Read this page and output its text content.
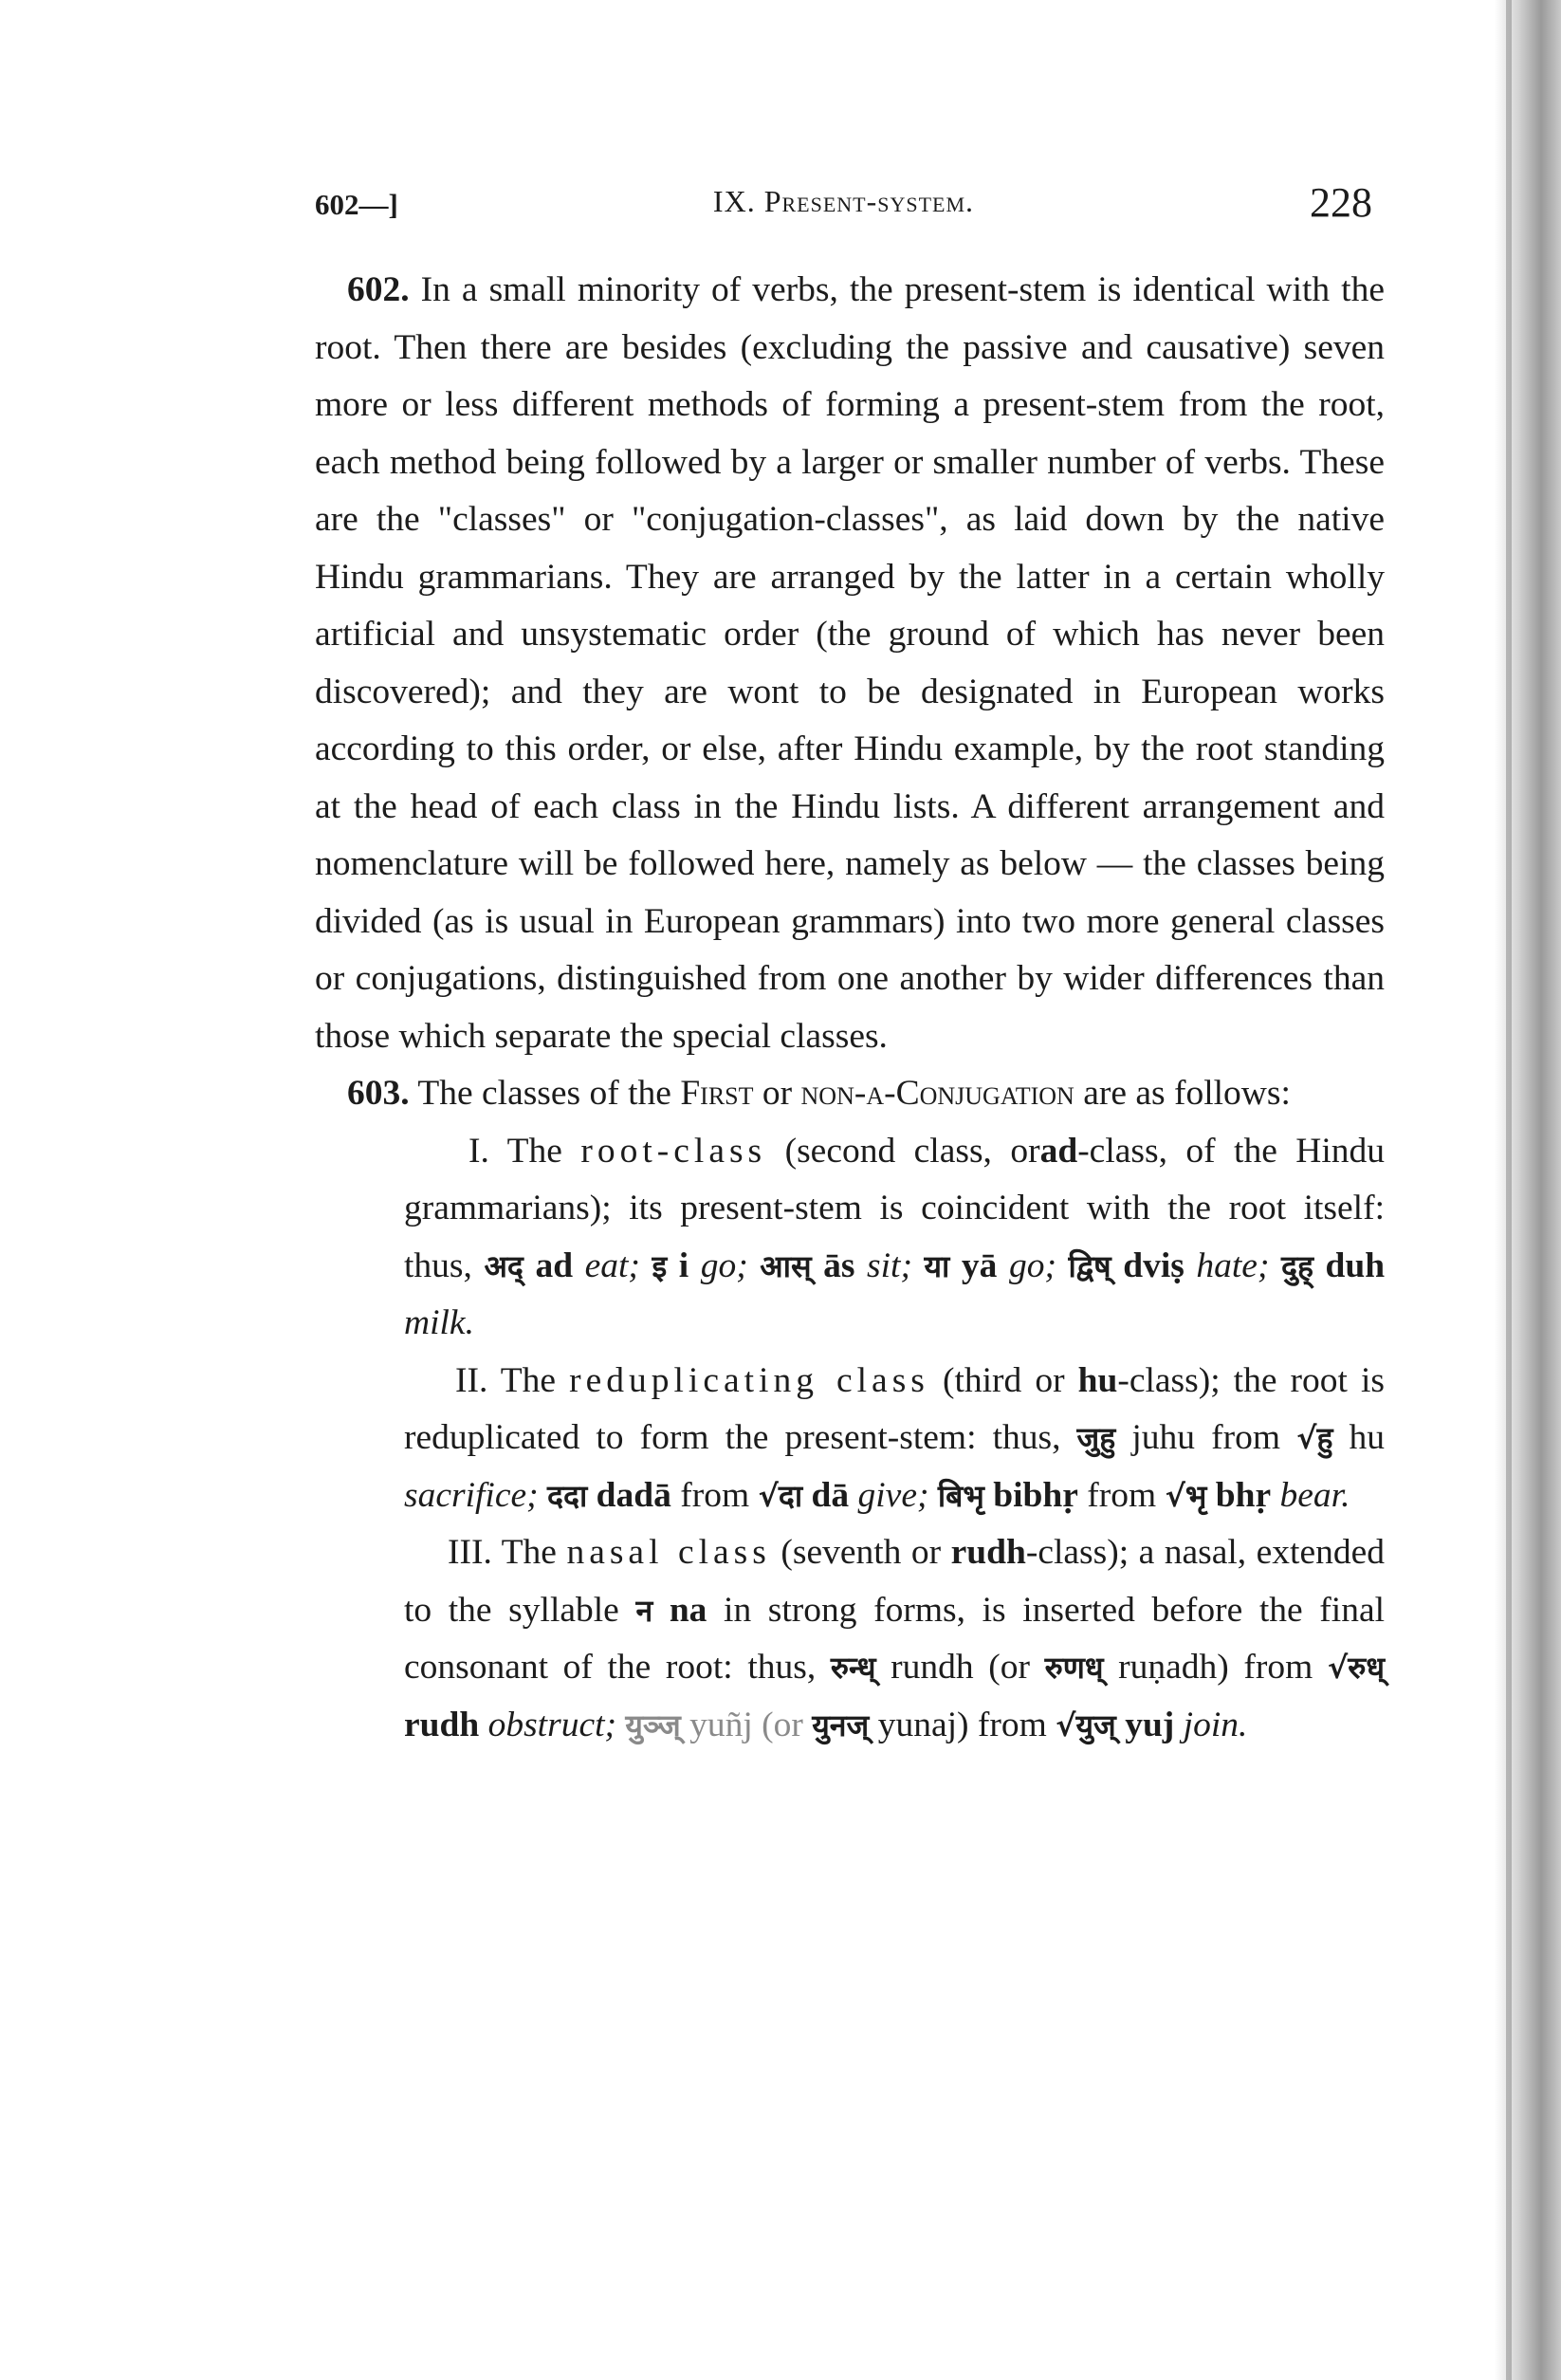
602—]	IX. Present-system.	228

602. In a small minority of verbs, the present-stem is identical with the root. Then there are besides (excluding the passive and causative) seven more or less different methods of forming a present-stem from the root, each method being followed by a larger or smaller number of verbs. These are the "classes" or "conjugation-classes", as laid down by the native Hindu grammarians. They are arranged by the latter in a certain wholly artificial and unsystematic order (the ground of which has never been discovered); and they are wont to be designated in European works according to this order, or else, after Hindu example, by the root standing at the head of each class in the Hindu lists. A different arrangement and nomenclature will be followed here, namely as below — the classes being divided (as is usual in European grammars) into two more general classes or conjugations, distinguished from one another by wider differences than those which separate the special classes.

603. The classes of the First or non-a-Conjugation are as follows:

I. The root-class (second class, orad-class, of the Hindu grammarians); its present-stem is coincident with the root itself: thus, अद् ad eat; इ i go; आस् ās sit; या yā go; द्विष् dviṣ hate; दुह् duh milk.

II. The reduplicating class (third or hu-class); the root is reduplicated to form the present-stem: thus, जुहु juhu from √हु hu sacrifice; ददा dadā from √दा dā give; बिभृ bibhṛ from √भृ bhṛ bear.

III. The nasal class (seventh or rudh-class); a nasal, extended to the syllable न na in strong forms, is inserted before the final consonant of the root: thus, रुन्ध् rundh (or रुणध् ruṇadh) from √रुध् rudh obstruct; युञ्ज् yuñj (or युनज् yunaj) from √युज् yuj join.
